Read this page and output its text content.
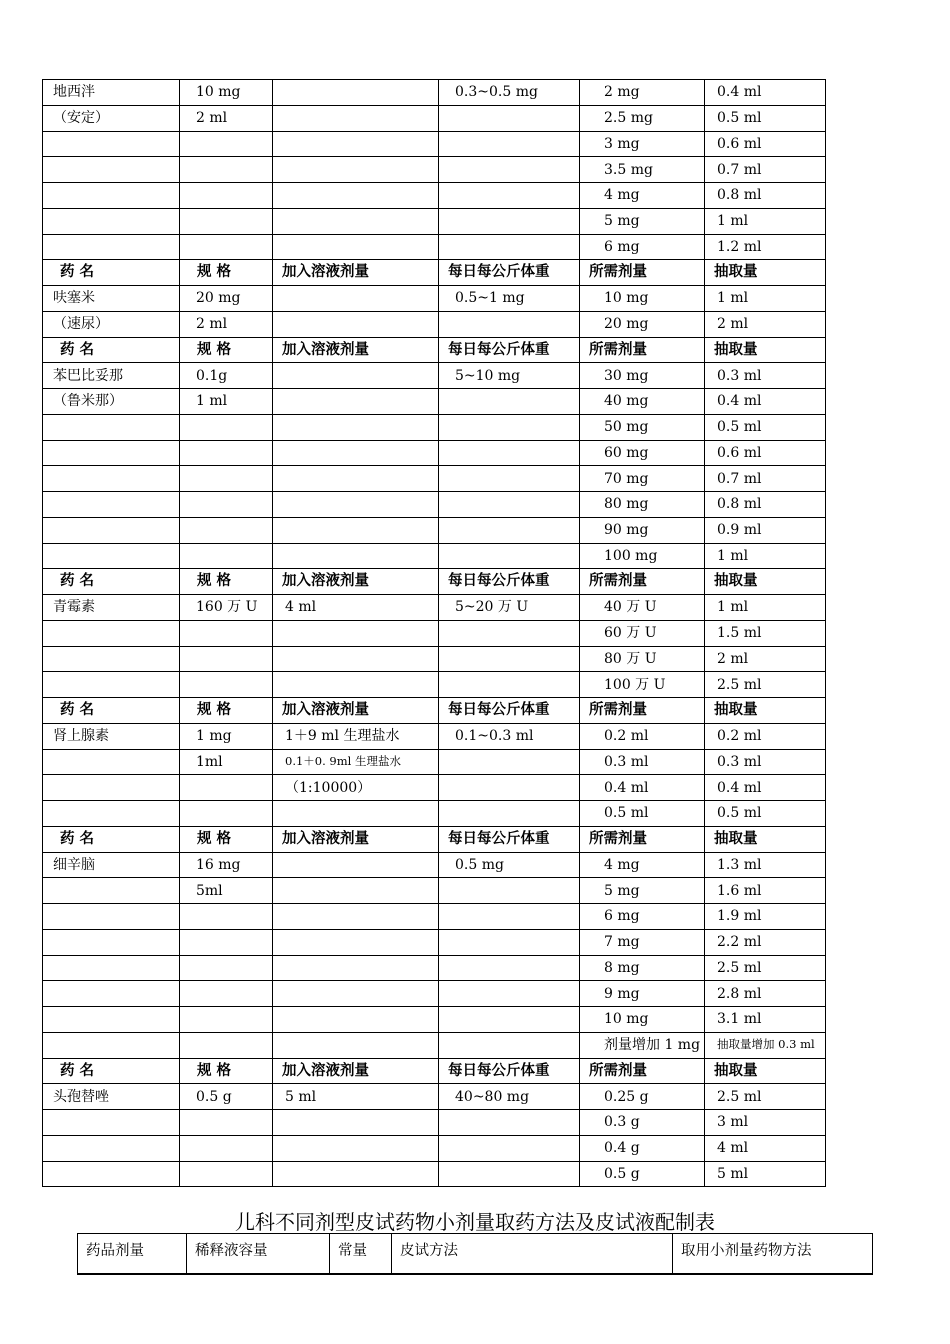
地西泮	10 mg		0.3~0.5 mg	2 mg	0.4 ml
（安定）	2 ml			2.5 mg	0.5 ml
				3 mg	0.6 ml
				3.5 mg	0.7 ml
				4 mg	0.8 ml
				5 mg	1 ml
				6 mg	1.2 ml
药 名	规 格	加入溶液剂量	每日每公斤体重	所需剂量	抽取量
呋塞米	20 mg		0.5~1 mg	10 mg	1 ml
（速尿）	2 ml			20 mg	2 ml
药 名	规 格	加入溶液剂量	每日每公斤体重	所需剂量	抽取量
苯巴比妥那	0.1g		5~10 mg	30 mg	0.3 ml
（鲁米那）	1 ml			40 mg	0.4 ml
				50 mg	0.5 ml
				60 mg	0.6 ml
				70 mg	0.7 ml
				80 mg	0.8 ml
				90 mg	0.9 ml
				100 mg	1 ml
药 名	规 格	加入溶液剂量	每日每公斤体重	所需剂量	抽取量
青霉素	160 万 U	4 ml	5~20 万 U	40 万 U	1 ml
				60 万 U	1.5 ml
				80 万 U	2 ml
				100 万 U	2.5 ml
药 名	规 格	加入溶液剂量	每日每公斤体重	所需剂量	抽取量
肾上腺素	1 mg	1＋9 ml 生理盐水	0.1~0.3 ml	0.2 ml	0.2 ml
	1ml	0.1＋0. 9ml 生理盐水		0.3 ml	0.3 ml
		（1:10000）		0.4 ml	0.4 ml
				0.5 ml	0.5 ml
药 名	规 格	加入溶液剂量	每日每公斤体重	所需剂量	抽取量
细辛脑	16 mg		0.5 mg	4 mg	1.3 ml
	5ml			5 mg	1.6 ml
				6 mg	1.9 ml
				7 mg	2.2 ml
				8 mg	2.5 ml
				9 mg	2.8 ml
				10 mg	3.1 ml
				剂量增加 1 mg	抽取量增加 0.3 ml
药 名	规 格	加入溶液剂量	每日每公斤体重	所需剂量	抽取量
头孢替唑	0.5 g	5 ml	40~80 mg	0.25 g	2.5 ml
				0.3 g	3 ml
				0.4 g	4 ml
				0.5 g	5 ml
儿科不同剂型皮试药物小剂量取药方法及皮试液配制表
药品剂量	稀释液容量	常量	皮试方法	取用小剂量药物方法
